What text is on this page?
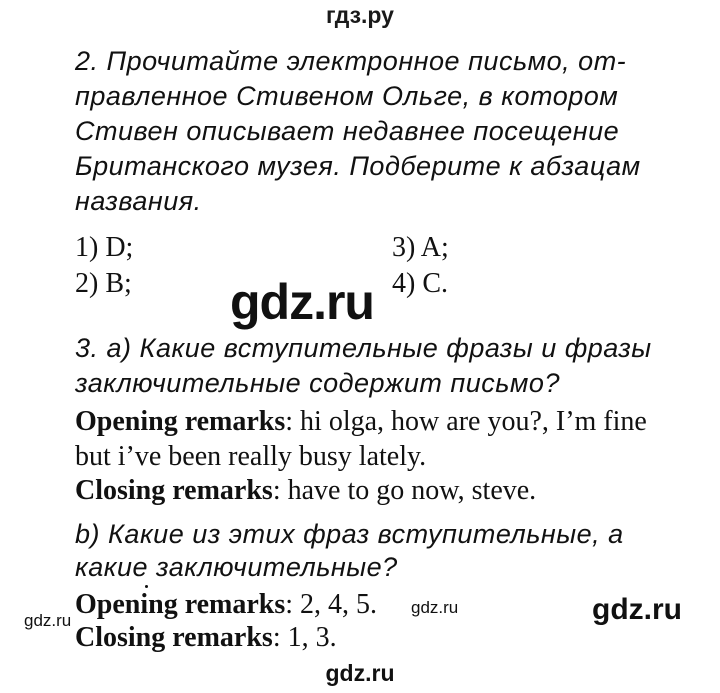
гдз.ру
2. Прочитайте электронное письмо, от-
правленное Стивеном Ольге, в котором
Стивен описывает недавнее посещение
Британского музея. Подберите к абзацам
названия.
1) D;	3) A;
2) B;	4) C.
gdz.ru
3. а) Какие вступительные фразы и фразы
заключительные содержит письмо?
Opening remarks: hi olga, how are you?, I’m fine
but i’ve been really busy lately.
Closing remarks: have to go now, steve.
b) Какие из этих фраз вступительные, а
какие заключительные?
Opening remarks: 2, 4, 5.
Closing remarks: 1, 3.
gdz.ru
gdz.ru	gdz.ru
gdz.ru
